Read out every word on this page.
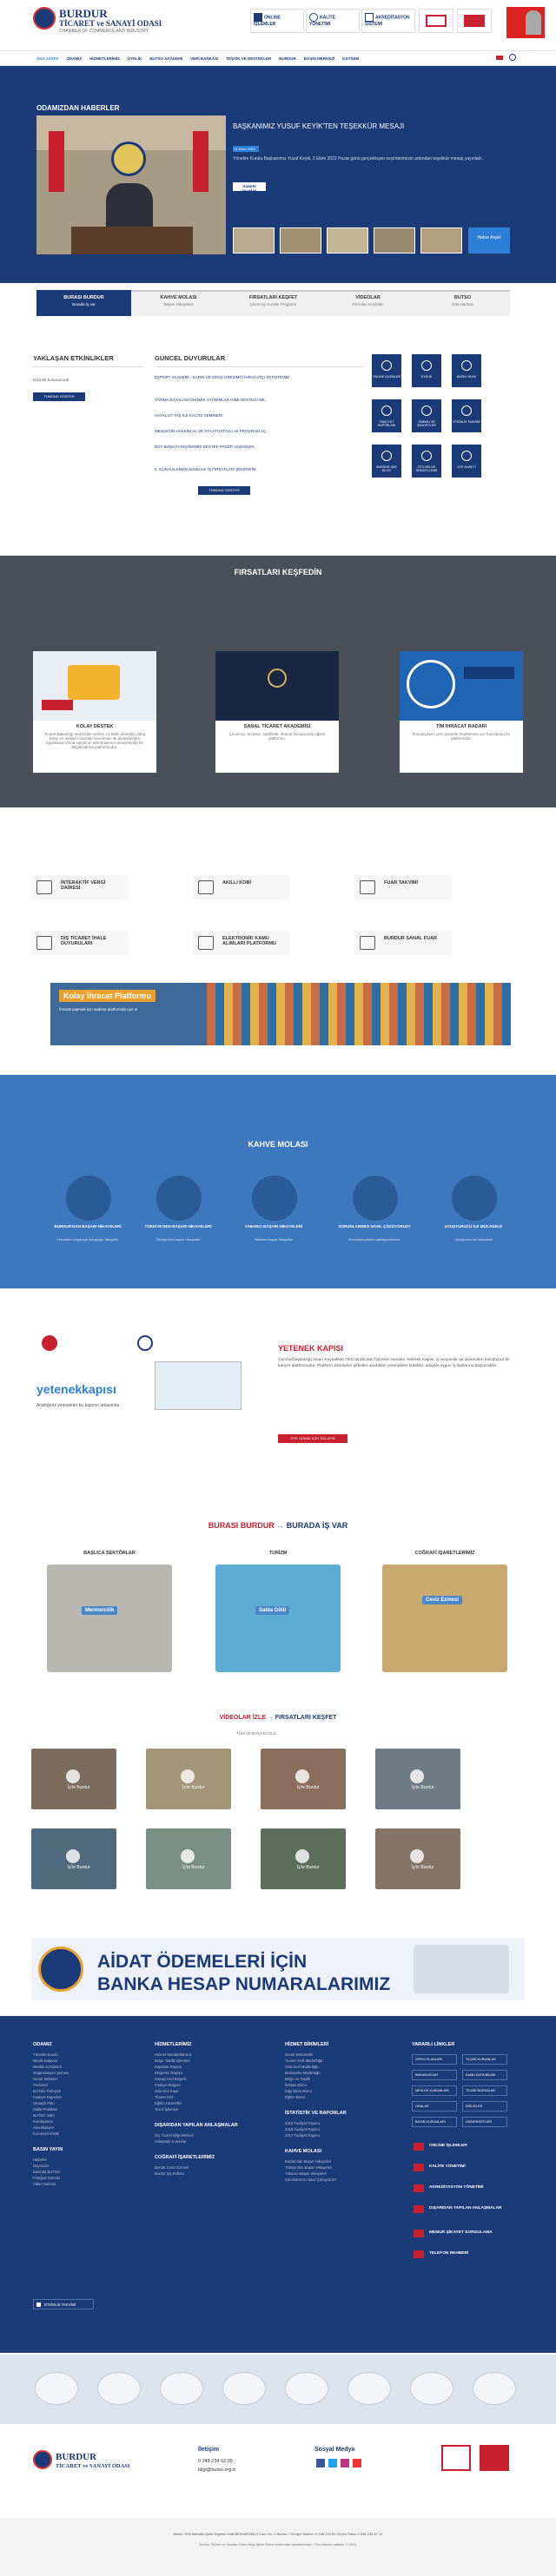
BURDUR
TİCARET ve SANAYİ ODASI
CHAMBER OF COMMERCE AND INDUSTRY
ONLINE İŞLEMLER
KALİTE YÖNETİMİ
AKREDİTASYON SİSTEMİ
ANA SAYFA ODAMIZ HİZMETLERİMİZ ÜYELİK BUTSO AKADEMİ VERİ BANKASI TEŞVİK VE DESTEKLER BURDUR BASIN MERKEZİ İLETİŞİM
ODAMIZDAN HABERLER
BAŞKANIMIZ YUSUF KEYİK'TEN TEŞEKKÜR MESAJI
14 Ekim 2023
Yönetim Kurulu Başkanımız Yusuf Keyik, 2 Ekim 2022 Pazar günü gerçekleşen seçimlerimizin ardından teşekkür mesajı yayınladı.
HABERİ OKUMAK
Haber Arşivi
BURASI BURDUR
Burada İş var
KAHVE MOLASI
Başarı Hikayeleri
FIRSATLARI KEŞFET
Çevrimiçi Kurslar Programı
VİDEOLAR
Firmaları Keşfedin
BUTSO
Oda Haritası
YAKLAŞAN ETKİNLİKLER
Etkinlik bulunamadı
TÜMÜNÜ GÖSTER
GÜNCEL DUYURULAR
EXPORT AKADEMİ - KADIN VE GENÇ GİRİŞİMCİ İHRACATÇI YETİŞTİRME
TARIMA DAYALI EKONOMİK YATIRIMLAR HİBE DESTEĞİ ME...
HAYAL ET YAŞ İLE KALİTE SEMİNERİ
MESLEĞİN HAKKINI AL VE STAJ FOSTGLU ve PROGRAM AÇ...
BOY BOŞUYA EKONOMİK DESTEK PAKETİ HAKKINDA
5. GÜN KALKINMA BANKASI İŞ FIRSATLARI ŞEKERKİM
TÜMÜNÜ GÖSTER
ONLİNE İŞLEMLER	ÜYELİK	BASIN YAYIN
FAALİYET RAPORLARI
ÖNEMLİ VE ŞİKAYETLER
ETKİNLİK TAKVİMİ
BURDUR VAR BLOG
OTO BELGE GÜNCELLEME
ÜYE ANKETİ
FIRSATLARI KEŞFEDİN
KOLAY DESTEK
Ticaret Bakanlığı tarafından verilen 14 farklı desteğin daha kolay ve anlaşılır biçimde sunulması ile desteklerden faydalanan firma sayısının artırılmasının amaçlandığı bir bilgilendirme platformudur.
SANAL TİCARET AKADEMİSİ
Çevrimiçi, ücretsiz, sertifikalı, ihracat konularında eğitim platformu.
TİM İHRACAT RADARI
İhracatçıların yeni pazarlar keşfetmesi için hazırlanan bir platformdur.
İNTERAKTİF VERGİ DAİRESİ
AKILLI KOBİ	FUAR TAKVİMİ
DIŞ TİCARET İHALE DUYURULARI
ELEKTRONİK KAMU ALIMLARI PLATFORMU
BURDUR SANAL FUAR
Kolay İhracat Platformu
İhracat yapmak için sadece platformda üye ol
KAHVE MOLASI
BURDUR'DAN BAŞARI HİKAYELERİ
Firmaların başarıyla buluştuğu hikayeler
TÜRKİYE'DEN BAŞARI HİKAYELERİ
Türkiye'den başarı hikayeleri
YABANCI BAŞARI HİKAYELERİ
Yabancı başarı hikayeleri
SORUNLARIMIZI NASIL ÇÖZÜYORUZ?
Sorunlara çözüm yaklaşımlarımız
UYUŞTURUCU İLE MÜCADELE
Uyuşturucu ile mücadele
yetenekkapısı
Aradığınız yetenekler bu kapının arkasında
YETENEK KAPISI
Cumhurbaşkanlığı İnsan Kaynakları Ofisi tarafından hizmete sunulan Yetenek Kapısı, iş arayanlar ve işverenleri buluşturan bir kariyer platformudur. Platform üzerinden şirketler aradıkları yetenekleri bulabilir, adaylar uygun iş ilanlarına başvurabilir.
ÜYE OLMAK İÇİN TIKLAYIN
BURASI BURDUR → BURADA İŞ VAR
BAŞLICA SEKTÖRLER
Mermercilik
TURİZM
Salda Gölü
COĞRAFİ İŞARETLERİMİZ
Ceviz Ezmesi
VİDEOLAR İZLE → FIRSATLARI KEŞFET
TÜM VİDEOLARI İZLE
İş'te Burdur	İş'te Burdur	İş'te Burdur	İş'te Burdur
İş'te Burdur	İş'te Burdur	İş'te Burdur	İş'te Burdur
AİDAT ÖDEMELERİ İÇİN
BANKA HESAP NUMARALARIMIZ
ODAMIZ
Yönetim Kurulu
Meclis Başkanı
Meslek Komiteleri
Organizasyon Şeması
Genel Sekreter
Personel
BUTSO Tarihçesi
Faaliyet Raporları
Stratejik Plan
Kalite Politikası
BUTSO Vakfı
Komisyonlar
Akreditasyon
Kurumsal Kimlik
BASIN YAYIN
Haberler
Duyurular
Basında BUTSO
Fotoğraf Galerisi
Video Galerisi
ETKİNLİK TAKVİMİ
HİZMETLERİMİZ
Hizmet Standartlarımız
Belge Tasdik İşlemleri
Kapasite Raporu
Ekspertiz Raporu
Sanayi Sicil Belgesi
Faaliyet Belgesi
Oda Sicil Kayıt
Ticaret Sicil
Eğitim Hizmetleri
Tescil İşlemleri
DIŞARIDAN YAPILAN ANLAŞMALAR
Dış Ticaret Bilgi Merkezi
Anlaşmalı Kurumlar
COĞRAFİ İŞARETLERİMİZ
Burdur Ceviz Ezmesi
Burdur Şiş Köftesi
HİZMET BİRİMLERİ
Genel Sekreterlik
Ticaret Sicili Müdürlüğü
Oda Sicili Müdürlüğü
Muhasebe Müdürlüğü
Belge ve Tasdik
İletişim Birimi
Bilgi İşlem Birimi
Eğitim Birimi
İSTATİSTİK VE RAPORLAR
2019 Faaliyet Raporu
2018 Faaliyet Raporu
2017 Faaliyet Raporu
KAHVE MOLASI
Burdur'dan Başarı Hikayeleri
Türkiye'den Başarı Hikayeleri
Yabancı Başarı Hikayeleri
Sorunlarımızı Nasıl Çözüyoruz?
YARARLI LİNKLER
VERGİ PLANLARI	TİCARİ KURUMLAR
BAKANLIKLAR	KAMU KURUMLARI
MESLEK KURUMLARI	TİCARİ BORSALAR
ODALAR	BİRLİKLER
BASIN KURUMLARI	ÜNİVERSİTELER
ONLİNE İŞLEMLER
KALİTE YÖNETİMİ
AKREDİTASYON YÖNETİMİ
DIŞARIDAN YAPILAN ANLAŞMALAR
MEMUR ŞİKAYET SORGULAMA
TELEFON REHBERİ
BURDUR
TİCARET ve SANAYİ ODASI
İletişim
0 248 234 62 05
bilgi@butso.org.tr
Sosyal Medya
Adres: Yeni Mahalle Şehit Teğmen Halil BEKMİROĞLU Cad. No: 2 Burdur / Türkiye Telefon: 0 248 234 62 05 pbx Faks: 0 248 233 67 14
Burdur Ticaret ve Sanayi Odası Bilgi İşlem Birimi tarafından tasarlanmıştır. Tüm hakları saklıdır © 2021
